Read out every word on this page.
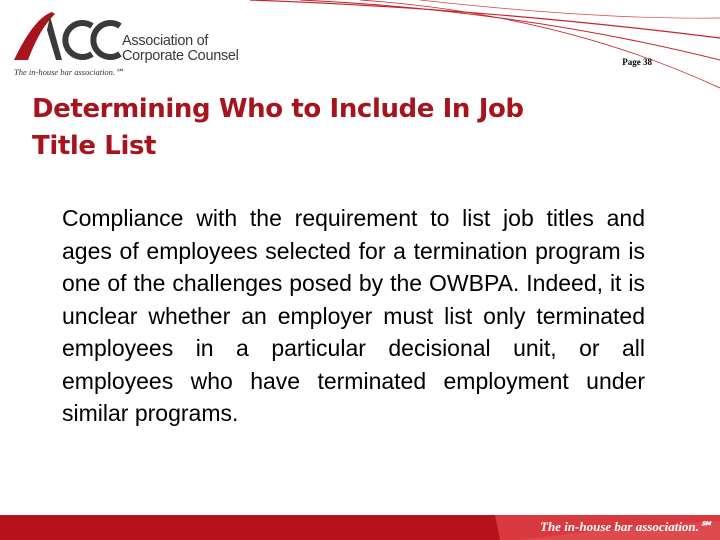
Association of
Corporate Counsel
The in-house bar association.℠
Page 38
Determining Who to Include In Job Title List

Compliance with the requirement to list job titles and ages of employees selected for a termination program is one of the challenges posed by the OWBPA. Indeed, it is unclear whether an employer must list only terminated employees in a particular decisional unit, or all employees who have terminated employment under similar programs.

The in-house bar association.℠
